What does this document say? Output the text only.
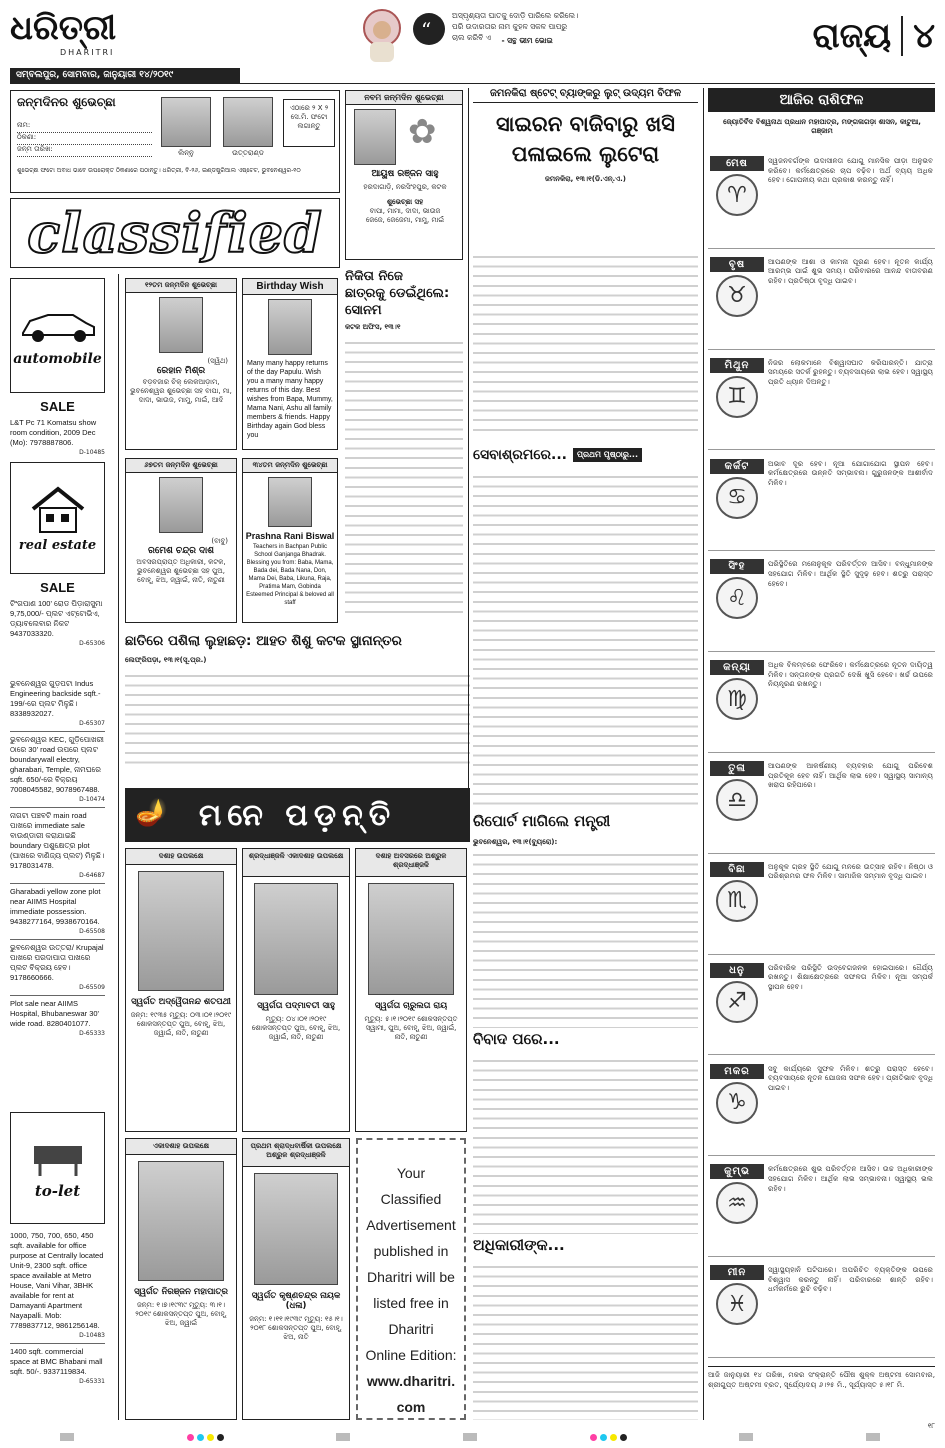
ଧରିତ୍ରୀ
DHARITRI
“
ଅସ୍ପୃଶ୍ୟତା ଘାତକୁ ଦୋଡ଼ି ପାରିଲେ କରିଲେ।
ପରି ଉଦାରତାର ନାମ କୁହଳ ସକଳ ପାପରୁ
ଚାଲ କରିବି ଏ - ସନ୍ଥ ଭୀମ ଭୋଇ	ରାଜ୍ୟ ୪
ସମ୍ବଲପୁର, ସୋମବାର, ଜାନୁୟାରୀ ୧୪/୨୦୧୯
ଜନ୍ମଦିନର ଶୁଭେଚ୍ଛା
ନାମ:
ଠିକଣା:
ଜନ୍ମ ତାରିଖ:	ଲିନ୍ନୁ	ଉତ୍ତରାଣ୍ଡ
ଏଠାରେ ୨ X ୨ ସେ.ମି. ଫଟୋ ଲଗାନ୍ତୁ
ଶୁଭେଚ୍ଛା ଫଟୋ ଅବାଧ ଭାବେ ଉପରୋକ୍ତ ଠିକଣାରେ ପଠାନ୍ତୁ। ଧରିତ୍ରୀ, ବି-୨୬, ଇଣ୍ଡଷ୍ଟ୍ରିଆଲ ଏଷ୍ଟେଟ, ଭୁବନେଶ୍ୱର-୧୦
ନବମ ଜନ୍ମଦିନ ଶୁଭେଚ୍ଛା
✿
ଆୟୁଷ ରଞ୍ଜନ ସାହୁ
ହରଦାଗାଡ଼ି, ନରସିଂହପୁର, କଟକ
ଶୁଭେଚ୍ଛା ସହ
ବାପା, ମାମା, ଦାଦା, ଭାଉଜ
ଜେଜେ, ଜେଜେମା, ମାମୁ, ମାଇଁ
classified
automobile
SALE
L&T Pc 71 Komatsu show room condition, 2009 Dec (Mo): 7978887806.
D-10485
real estate
SALE
ଟିଂଗପାଣ 100' ରୋଡ ପିଡ଼ାରାସୁମା 9,75,000/- ପ୍ଲଟ ଏଟ୍ଟୋଭିଏ, ଡ୍ୟାବଲେବାର ନିକଟ 9437033320.
D-65306
ଭୁବନେଶ୍ୱର ଗୁଡ଼ପଟା Indus Engineering backside sqft.- 199/-ରେ ପ୍ଲଟ ମିଳୁଛି। 8338932027.
D-65307
ଭୁବନେଶ୍ୱର KEC, ଗୁଡ଼ିପୋଖରୀ ଠାରେ 30' road ଉପରେ ପ୍ଲଟ boundarywall electry, gharabari, Temple, ନାମଘରେ sqft. 650/-ରେ ବିକ୍ରୟ 7008045582, 9078967488.
D-10474
ନାଗଟା ପଞ୍ଚବଟି main road ପାଖରେ immediate sale ବାଉଣ୍ଡାରୀ କରାଯାଇଛି boundary ପଶୁକ୍ଷେତ୍ର plot (ଘାଖରେ ବାଣିଜ୍ୟ ପ୍ଲଟ) ମିଳୁଛି। 9178031478.
D-64687
Gharabadi yellow zone plot near AIIMS Hospital immediate possession. 9438277164, 9938670164.
D-65508
ଭୁବନେଶ୍ୱର ଉତ୍ତରା/ Krupajal ପାଖରେ ପରଦାପାତା ପାଖରେ ପ୍ଲଟ ବିକ୍ରୟ ହେବ। 9178660666.
D-65509
Plot sale near AIIMS Hospital, Bhubaneswar 30' wide road. 8280401077.
D-65333
TO LET
to-let
1000, 750, 700, 650, 450 sqft. available for office purpose at Centrally located Unit-9, 2300 sqft. office space available at Metro House, Vani Vihar, 3BHK available for rent at Damayanti Apartment Nayapalli. Mob: 7789837712, 9861256148.
D-10483
1400 sqft. commercial space at BMC Bhabani mall sqft. 50/-. 9337119834.
D-65331
୧୨ତମ ଜନ୍ମଦିନ ଶୁଭେଚ୍ଛା
(ସ୍ୱିଥ)
ରେହାନ ମିଶ୍ର
ବଡ଼ବଜାର ଚିକ୍ ଲେକଆଡ଼ାମ, ଭୁବନେଶ୍ୱର ଶୁଭେଚ୍ଛା ସହ ବାପା, ମା, ଦାଦା, ଭାଉଜ, ମାମୁ, ମାଇଁ, ଆଦି
Birthday Wish
Many many happy returns of the day Papulu. Wish you a many many happy returns of this day. Best wishes from Bapa, Mummy, Mama Nani, Ashu all family members & friends. Happy Birthday again God bless you
୬୭ତମ ଜନ୍ମଦିନ ଶୁଭେଚ୍ଛା
(ବାବୁ)
ରମେଶ ଚନ୍ଦ୍ର ଦାଶ
ଅବସରପ୍ରାପ୍ତ ଅଧିକାରୀ, କଟକ, ଭୁବନେଶ୍ୱର ଶୁଭେଚ୍ଛା ସହ ପୁଅ, ବୋହୂ, ଝିଅ, ଜ୍ୱାଇଁ, ନାତି, ନାତୁଣୀ
୩୪ତମ ଜନ୍ମଦିନ ଶୁଭେଚ୍ଛା
Prashna Rani Biswal
Teachers in Bachpan Public School Ganjanga Bhadrak. Blessing you from: Baba, Mama, Bada dei, Bada Nana, Don, Mama Dei, Baba, Likuna, Raja, Pratima Mam, Gobinda Esteemed Principal & beloved all staff
ନିକିତା ନିଜେ
ଛାତ୍ରକୁ ଡେଇଁଥିଲେ:
ସୋନମ
କଟକ ଅଫିସ, ୧୩।୧
ଛାତିରେ ପଶିଲା ଲୁହାଛଡ଼: ଆହତ ଶିଶୁ କଟକ ସ୍ଥାନାନ୍ତର
ଲେଫ୍ରିପଡ଼ା, ୧୩।୧(ସୂ.ପ୍ର.)
🪔 ମନେ ପଡ଼ନ୍ତି
ଦଶାହ ଉପଲକ୍ଷେ
ସ୍ୱର୍ଗତ ଅଦ୍ୱୈତାନନ୍ଦ ଶତପଥୀ
ଜନ୍ମ: ୧୯୩୫ ମୃତ୍ୟୁ: ୦୩।୦୧।୨୦୧୯ ଶୋକସନ୍ତପ୍ତ ପୁଅ, ବୋହୂ, ଝିଅ, ଜ୍ୱାଇଁ, ନାତି, ନାତୁଣୀ
ଶ୍ରଦ୍ଧାଞ୍ଜଳି ଏକାଦଶାହ ଉପଲକ୍ଷେ
ସ୍ୱର୍ଗତା ପଦ୍ମାବତୀ ସାହୁ
ମୃତ୍ୟୁ: ୦୪।୦୧।୨୦୧୯ ଶୋକସନ୍ତପ୍ତ ପୁଅ, ବୋହୂ, ଝିଅ, ଜ୍ୱାଇଁ, ନାତି, ନାତୁଣୀ
ଦଶାହ ଅବସରରେ ଅଶ୍ରୁଳ ଶ୍ରଦ୍ଧାଞ୍ଜଳି
ସ୍ୱର୍ଗତା ଚାରୁଲତା ରାୟ
ମୃତ୍ୟୁ: ୫।୧।୨୦୧୯ ଶୋକସନ୍ତପ୍ତ ସ୍ୱାମୀ, ପୁଅ, ବୋହୂ, ଝିଅ, ଜ୍ୱାଇଁ, ନାତି, ନାତୁଣୀ
ଏକାଦଶାହ ଉପଲକ୍ଷେ
ସ୍ୱର୍ଗତ ନିରଞ୍ଜନ ମହାପାତ୍ର
ଜନ୍ମ: ୧।୭।୧୯୩୯ ମୃତ୍ୟୁ: ୩।୧।୨୦୧୯ ଶୋକସନ୍ତପ୍ତ ପୁଅ, ବୋହୂ, ଝିଅ, ଜ୍ୱାଇଁ
ପ୍ରଥମ ଶ୍ରାଦ୍ଧବାର୍ଷିକୀ ଉପଲକ୍ଷେ ଅଶ୍ରୁଳ ଶ୍ରଦ୍ଧାଞ୍ଜଳି
ସ୍ୱର୍ଗତ କୃଷ୍ଣଚନ୍ଦ୍ର ନାୟକ (ଧଳା)
ଜନ୍ମ: ୧।୧୧।୧୯୩୯ ମୃତ୍ୟୁ: ୧୫।୧।୨୦୧୮ ଶୋକସନ୍ତପ୍ତ ପୁଅ, ବୋହୂ, ଝିଅ, ନାତି
Your
Classified
Advertisement
published in
Dharitri will be
listed free in
Dharitri
Online Edition:
www.dharitri.
com
ଜମନକିରା ଷ୍ଟେଟ୍ ବ୍ୟାଙ୍କରୁ ଲୁଟ୍ ଉଦ୍ୟମ ବିଫଳ
ସାଇରନ ବାଜିବାରୁ ଖସି
ପଳାଇଲେ ଲୁଟେରା
ଜମନକିରା, ୧୩।୧(ଡି.ଏନ୍.ଏ.)
ସେବାଶ୍ରମରେ...	ପ୍ରଥମ ପୃଷ୍ଠାରୁ...
ରିପୋର୍ଟ ମାଗିଲେ ମନ୍ତ୍ରୀ
ଭୁବନେଶ୍ୱର, ୧୩।୧(ବ୍ୟୁରୋ):
ବିବାଦ ପରେ...
ଅଧିକାରୀଙ୍କ...
ଆଜିର ରାଶିଫଳ
ଜ୍ୟୋତିର୍ବିଦ ବିଶ୍ୱନାଥ ପ୍ରଧାନ ମହାପାତ୍ର, ମଙ୍ଗଳାଗଡ଼ା ଶାସନ, କାଟୁଆ, ଗଞ୍ଜାମ
ମେଷ
♈
ସ୍ୱଜନବର୍ଗଙ୍କ ଉଦାସୀନତା ଯୋଗୁ ମାନସିକ ପୀଡ଼ା ଅନୁଭବ କରିବେ। କର୍ମକ୍ଷେତ୍ରରେ ଚାପ ବଢ଼ିବ। ଅର୍ଥ ବ୍ୟୟ ଅଧିକ ହେବ। ଗୋପନୀୟ କଥା ପ୍ରକାଶ କରନ୍ତୁ ନାହିଁ।
ବୃଷ
♉
ଆପଣଙ୍କ ଆଶା ଓ କାମନା ପୂରଣ ହେବ। ନୂତନ କାର୍ଯ୍ୟ ଆରମ୍ଭ ପାଇଁ ଶୁଭ ସମୟ। ପରିବାରରେ ଆନନ୍ଦ ବାତାବରଣ ରହିବ। ପ୍ରତିଷ୍ଠା ବୃଦ୍ଧି ପାଇବ।
ମିଥୁନ
♊
ନିଜର ଲୋକମାନେ ବିଶ୍ୱାସଘାତ କରିପାରନ୍ତି। ଯାତ୍ରା ସମୟରେ ସତର୍କ ରୁହନ୍ତୁ। ବ୍ୟବସାୟରେ ଲାଭ ହେବ। ସ୍ୱାସ୍ଥ୍ୟ ପ୍ରତି ଧ୍ୟାନ ଦିଅନ୍ତୁ।
କର୍କଟ
♋
ଅଭାବ ଦୂର ହେବ। ନୂଆ ଯୋଗାଯୋଗ ସ୍ଥାପନ ହେବ। କର୍ମକ୍ଷେତ୍ରରେ ଉନ୍ନତି ସମ୍ଭାବନା। ଗୁରୁଜନଙ୍କ ଆଶୀର୍ବାଦ ମିଳିବ।
ସିଂହ
♌
ପରିସ୍ଥିତିରେ ମନୋନୁକୂଳ ପରିବର୍ତ୍ତନ ଆସିବ। ବନ୍ଧୁମାନଙ୍କ ସହଯୋଗ ମିଳିବ। ଆର୍ଥିକ ସ୍ଥିତି ସୁଦୃଢ଼ ହେବ। ଶତ୍ରୁ ପରାସ୍ତ ହେବେ।
କନ୍ୟା
♍
ଅଧିକ ବିଳମ୍ବରେ ଫେରିବେ। କର୍ମକ୍ଷେତ୍ରରେ ନୂତନ ଦାୟିତ୍ୱ ମିଳିବ। ସନ୍ତାନଙ୍କ ପ୍ରଗତି ଦେଖି ଖୁସି ହେବେ। ଖର୍ଚ୍ଚ ଉପରେ ନିୟନ୍ତ୍ରଣ ରଖନ୍ତୁ।
ତୁଳା
♎
ଆପଣଙ୍କ ଆକର୍ଷଣୀୟ ବ୍ୟବହାର ଯୋଗୁ ପରିବେଶ ପ୍ରତିକୂଳ ହେବ ନାହିଁ। ଆର୍ଥିକ ଲାଭ ହେବ। ସ୍ୱାସ୍ଥ୍ୟ ସାମାନ୍ୟ ଖରାପ ରହିପାରେ।
ବିଛା
♏
ଅନୁକୂଳ ଗ୍ରହ ସ୍ଥିତି ଯୋଗୁ ମନରେ ଉତ୍ସାହ ରହିବ। ନିଷ୍ଠା ଓ ପରିଶ୍ରମର ଫଳ ମିଳିବ। ସାମାଜିକ ସମ୍ମାନ ବୃଦ୍ଧି ପାଇବ।
ଧନୁ
♐
ପରିବାରିକ ପରିସ୍ଥିତି ଉଦ୍ବେଗଜନକ ହୋଇପାରେ। ଧୈର୍ଯ୍ୟ ରଖନ୍ତୁ। ଶିକ୍ଷାକ୍ଷେତ୍ରରେ ସଫଳତା ମିଳିବ। ନୂଆ ସମ୍ପର୍କ ସ୍ଥାପନ ହେବ।
ମକର
♑
ସବୁ କାର୍ଯ୍ୟରେ ସୁଫଳ ମିଳିବ। ଶତ୍ରୁ ପରାସ୍ତ ହେବେ। ବ୍ୟବସାୟରେ ନୂତନ ଯୋଜନା ସଫଳ ହେବ। ପ୍ରୀତିଭାବ ବୃଦ୍ଧି ପାଇବ।
କୁମ୍ଭ
♒
କର୍ମକ୍ଷେତ୍ରରେ ଶୁଭ ପରିବର୍ତ୍ତନ ଆସିବ। ଉଚ୍ଚ ଅଧିକାରୀଙ୍କ ସହଯୋଗ ମିଳିବ। ଆର୍ଥିକ ଲାଭ ସମ୍ଭାବନା। ସ୍ୱାସ୍ଥ୍ୟ ଭଲ ରହିବ।
ମୀନ
♓
ସ୍ୱାସ୍ଥ୍ୟହାନି ଘଟିପାରେ। ଅପରିଚିତ ବ୍ୟକ୍ତିଙ୍କ ଉପରେ ବିଶ୍ୱାସ କରନ୍ତୁ ନାହିଁ। ପରିବାରରେ ଶାନ୍ତି ରହିବ। ଧର୍ମକର୍ମରେ ରୁଚି ବଢ଼ିବ।
ଆଜି ଜାନୁୟାରୀ ୧୪ ତାରିଖ, ମକର ସଂକ୍ରାନ୍ତି ପୌଷ ଶୁକ୍ଳ ଅଷ୍ଟମୀ ସୋମବାର, ଶ୍ରୀଗୁପ୍ତ ଅଷ୍ଟମୀ ବ୍ରତ, ସୂର୍ଯ୍ୟୋଦୟ ୬।୨୫ ମି., ସୂର୍ଯ୍ୟାସ୍ତ ୫।୧୮ ମି.
୧୮
